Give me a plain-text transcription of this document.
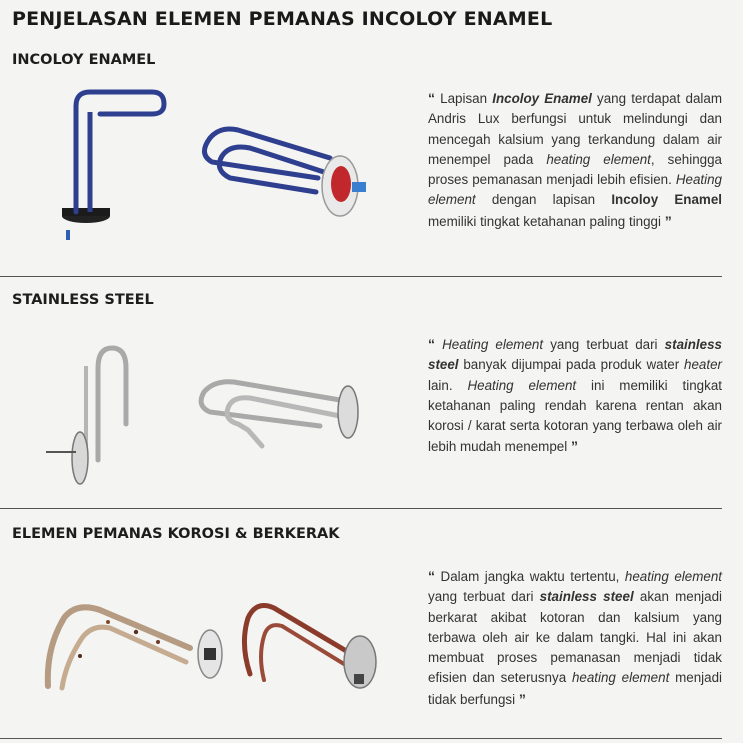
PENJELASAN ELEMEN PEMANAS INCOLOY ENAMEL
INCOLOY ENAMEL
“ Lapisan Incoloy Enamel yang terdapat dalam Andris Lux berfungsi untuk melindungi dan mencegah kalsium yang terkandung dalam air menempel pada heating element, sehingga proses pemanasan menjadi lebih efisien. Heating element dengan lapisan Incoloy Enamel memiliki tingkat ketahanan paling tinggi ”
STAINLESS STEEL
“ Heating element yang terbuat dari stainless steel banyak dijumpai pada produk water heater lain. Heating element ini memiliki tingkat ketahanan paling rendah karena rentan akan korosi / karat serta kotoran yang terbawa oleh air lebih mudah menempel ”
ELEMEN PEMANAS KOROSI & BERKERAK
“ Dalam jangka waktu tertentu, heating element yang terbuat dari stainless steel akan menjadi berkarat akibat kotoran dan kalsium yang terbawa oleh air ke dalam tangki. Hal ini akan membuat proses pemanasan menjadi tidak efisien dan seterusnya heating element menjadi tidak berfungsi ”
